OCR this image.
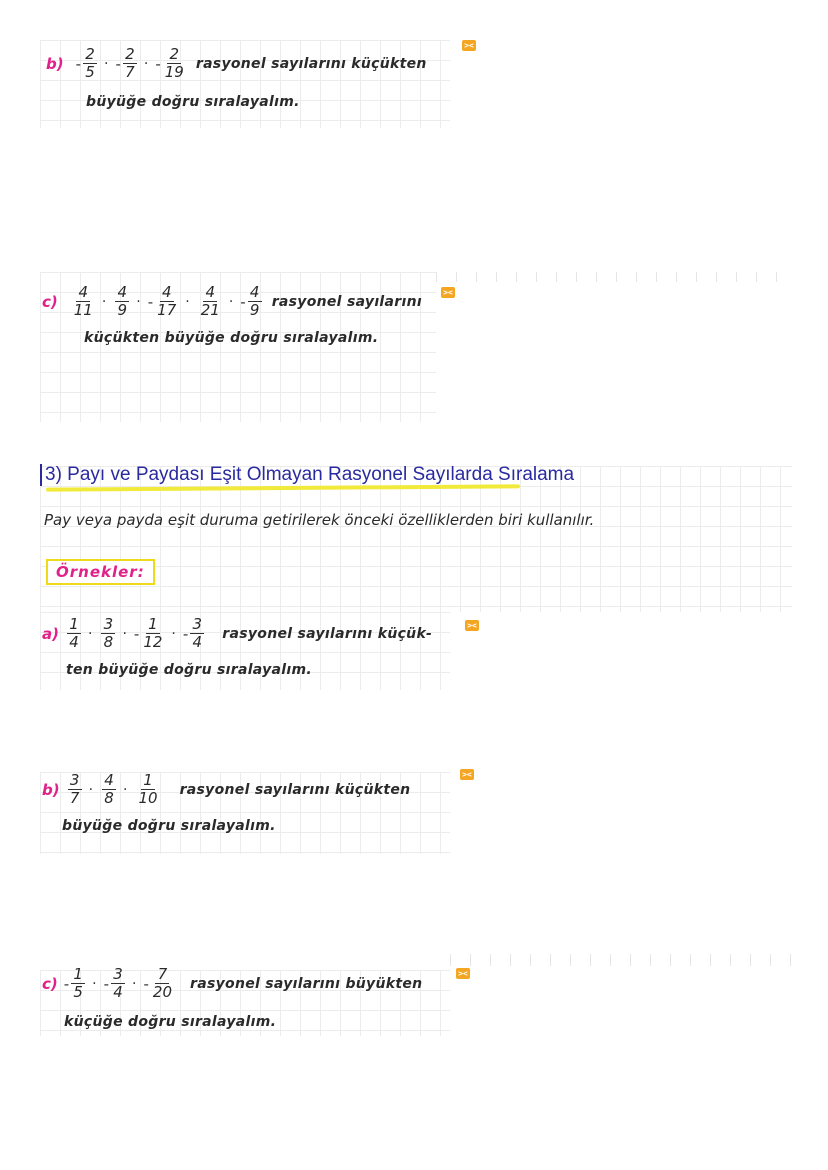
$b) - \frac{2}{5}$ · - $\frac{2}{7}$ · - $\frac{2}{19}$ rasyonel sayılarını küçükten
büyüğe doğru sıralayalım.
><
$c) \frac{4}{11} \cdot \frac{4}{9}$ · - $\frac{4}{17} \cdot \frac{4}{21}$ · - $\frac{4}{9}$ rasyonel sayılarını
küçükten büyüğe doğru sıralayalım.
><
3) Payı ve Paydası Eşit Olmayan Rasyonel Sayılarda Sıralama
Pay veya payda eşit duruma getirilerek önceki özelliklerden biri kullanılır.
Örnekler:
$a) \frac{1}{4} \cdot \frac{3}{8}$ · - $\frac{1}{12}$ · - $\frac{3}{4}$ rasyonel sayılarını küçük-
ten büyüğe doğru sıralayalım.
><
$b) \frac{3}{7} \cdot \frac{4}{8} \cdot \frac{1}{10}$ rasyonel sayılarını küçükten
büyüğe doğru sıralayalım.
><
$c) - \frac{1}{5}$ · - $\frac{3}{4}$ · - $\frac{7}{20}$ rasyonel sayılarını büyükten
küçüğe doğru sıralayalım.
><
